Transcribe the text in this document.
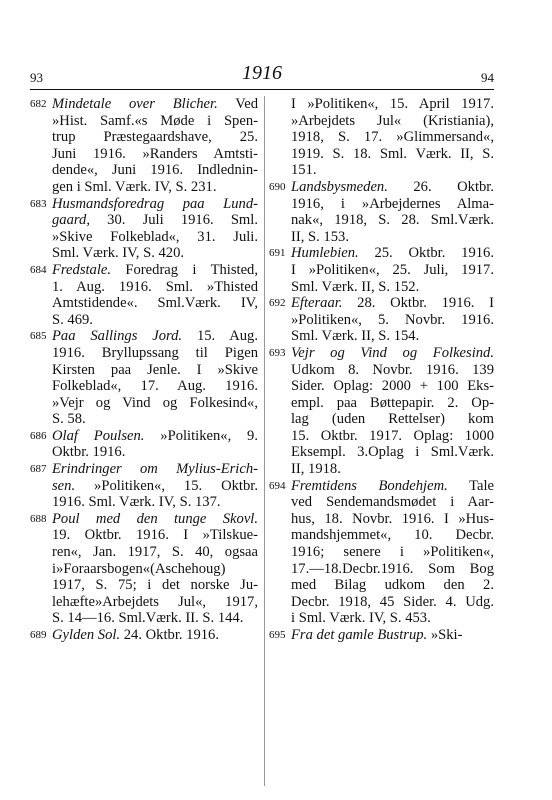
93	1916	94
682 Mindetale over Blicher. Ved
»Hist. Samf.«s Møde i Spen-
trup Præstegaardshave, 25.
Juni 1916. »Randers Amtsti-
dende«, Juni 1916. Indlednin-
gen i Sml. Værk. IV, S. 231.
683 Husmandsforedrag paa Lund-
gaard, 30. Juli 1916. Sml.
»Skive Folkeblad«, 31. Juli.
Sml. Værk. IV, S. 420.
684 Fredstale. Foredrag i Thisted,
1. Aug. 1916. Sml. »Thisted
Amtstidende«. Sml.Værk. IV,
S. 469.
685 Paa Sallings Jord. 15. Aug.
1916. Bryllupssang til Pigen
Kirsten paa Jenle. I »Skive
Folkeblad«, 17. Aug. 1916.
»Vejr og Vind og Folkesind«,
S. 58.
686 Olaf Poulsen. »Politiken«, 9.
Oktbr. 1916.
687 Erindringer om Mylius-Erich-
sen. »Politiken«, 15. Oktbr.
1916. Sml. Værk. IV, S. 137.
688 Poul med den tunge Skovl.
19. Oktbr. 1916. I »Tilskue-
ren«, Jan. 1917, S. 40, ogsaa
i»Foraarsbogen«(Aschehoug)
1917, S. 75; i det norske Ju-
lehæfte»Arbejdets Jul«, 1917,
S. 14—16. Sml.Værk. II. S. 144.
689 Gylden Sol. 24. Oktbr. 1916.
I »Politiken«, 15. April 1917.
»Arbejdets Jul« (Kristiania),
1918, S. 17. »Glimmersand«,
1919. S. 18. Sml. Værk. II, S.
151.
690 Landsbysmeden. 26. Oktbr.
1916, i »Arbejdernes Alma-
nak«, 1918, S. 28. Sml.Værk.
II, S. 153.
691 Humlebien. 25. Oktbr. 1916.
I »Politiken«, 25. Juli, 1917.
Sml. Værk. II, S. 152.
692 Efteraar. 28. Oktbr. 1916. I
»Politiken«, 5. Novbr. 1916.
Sml. Værk. II, S. 154.
693 Vejr og Vind og Folkesind.
Udkom 8. Novbr. 1916. 139
Sider. Oplag: 2000 + 100 Eks-
empl. paa Bøttepapir. 2. Op-
lag (uden Rettelser) kom
15. Oktbr. 1917. Oplag: 1000
Eksempl. 3.Oplag i Sml.Værk.
II, 1918.
694 Fremtidens Bondehjem. Tale
ved Sendemandsmødet i Aar-
hus, 18. Novbr. 1916. I »Hus-
mandshjemmet«, 10. Decbr.
1916; senere i »Politiken«,
17.—18.Decbr.1916. Som Bog
med Bilag udkom den 2.
Decbr. 1918, 45 Sider. 4. Udg.
i Sml. Værk. IV, S. 453.
695 Fra det gamle Bustrup. »Ski-
